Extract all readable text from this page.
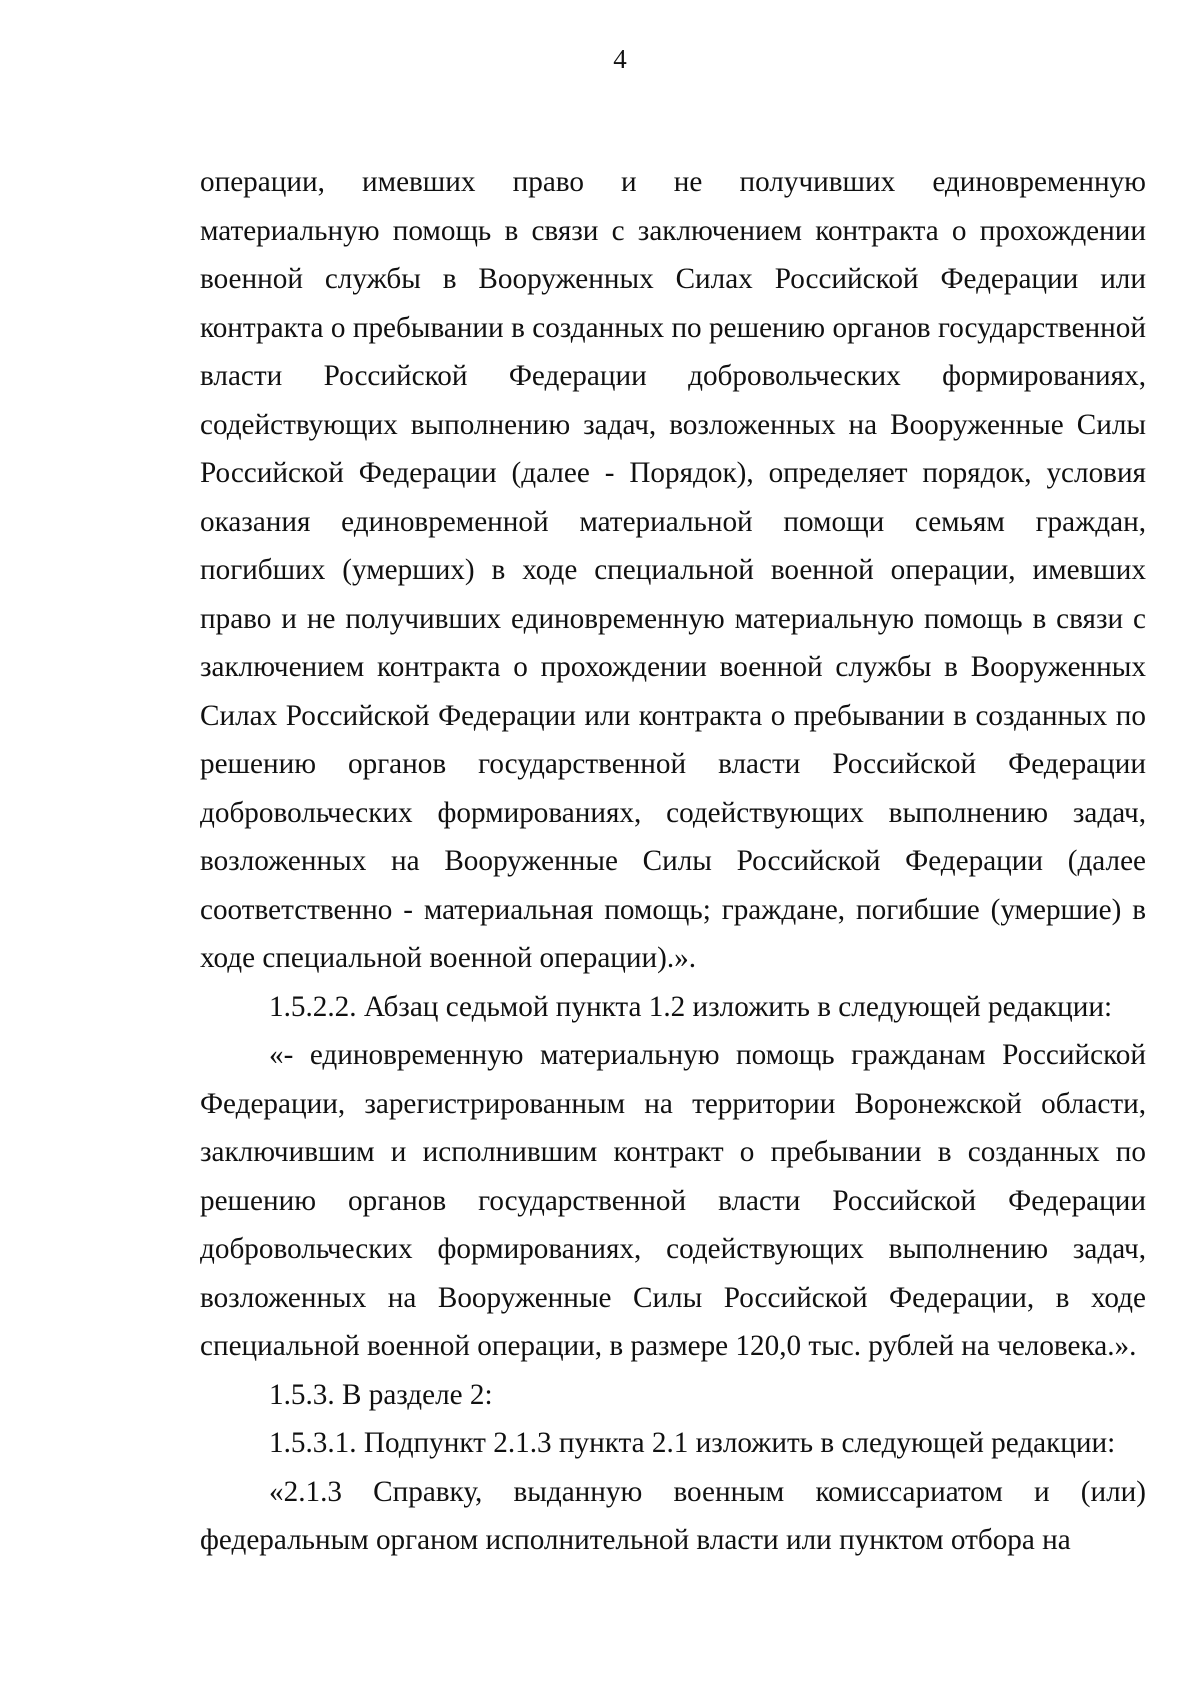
4

операции, имевших право и не получивших единовременную материальную помощь в связи с заключением контракта о прохождении военной службы в Вооруженных Силах Российской Федерации или контракта о пребывании в созданных по решению органов государственной власти Российской Федерации добровольческих формированиях, содействующих выполнению задач, возложенных на Вооруженные Силы Российской Федерации (далее - Порядок), определяет порядок, условия оказания единовременной материальной помощи семьям граждан, погибших (умерших) в ходе специальной военной операции, имевших право и не получивших единовременную материальную помощь в связи с заключением контракта о прохождении военной службы в Вооруженных Силах Российской Федерации или контракта о пребывании в созданных по решению органов государственной власти Российской Федерации добровольческих формированиях, содействующих выполнению задач, возложенных на Вооруженные Силы Российской Федерации (далее соответственно - материальная помощь; граждане, погибшие (умершие) в ходе специальной военной операции).».

1.5.2.2. Абзац седьмой пункта 1.2 изложить в следующей редакции:

«- единовременную материальную помощь гражданам Российской Федерации, зарегистрированным на территории Воронежской области, заключившим и исполнившим контракт о пребывании в созданных по решению органов государственной власти Российской Федерации добровольческих формированиях, содействующих выполнению задач, возложенных на Вооруженные Силы Российской Федерации, в ходе специальной военной операции, в размере 120,0 тыс. рублей на человека.».

1.5.3. В разделе 2:

1.5.3.1. Подпункт 2.1.3 пункта 2.1 изложить в следующей редакции:

«2.1.3 Справку, выданную военным комиссариатом и (или) федеральным органом исполнительной власти или пунктом отбора на
